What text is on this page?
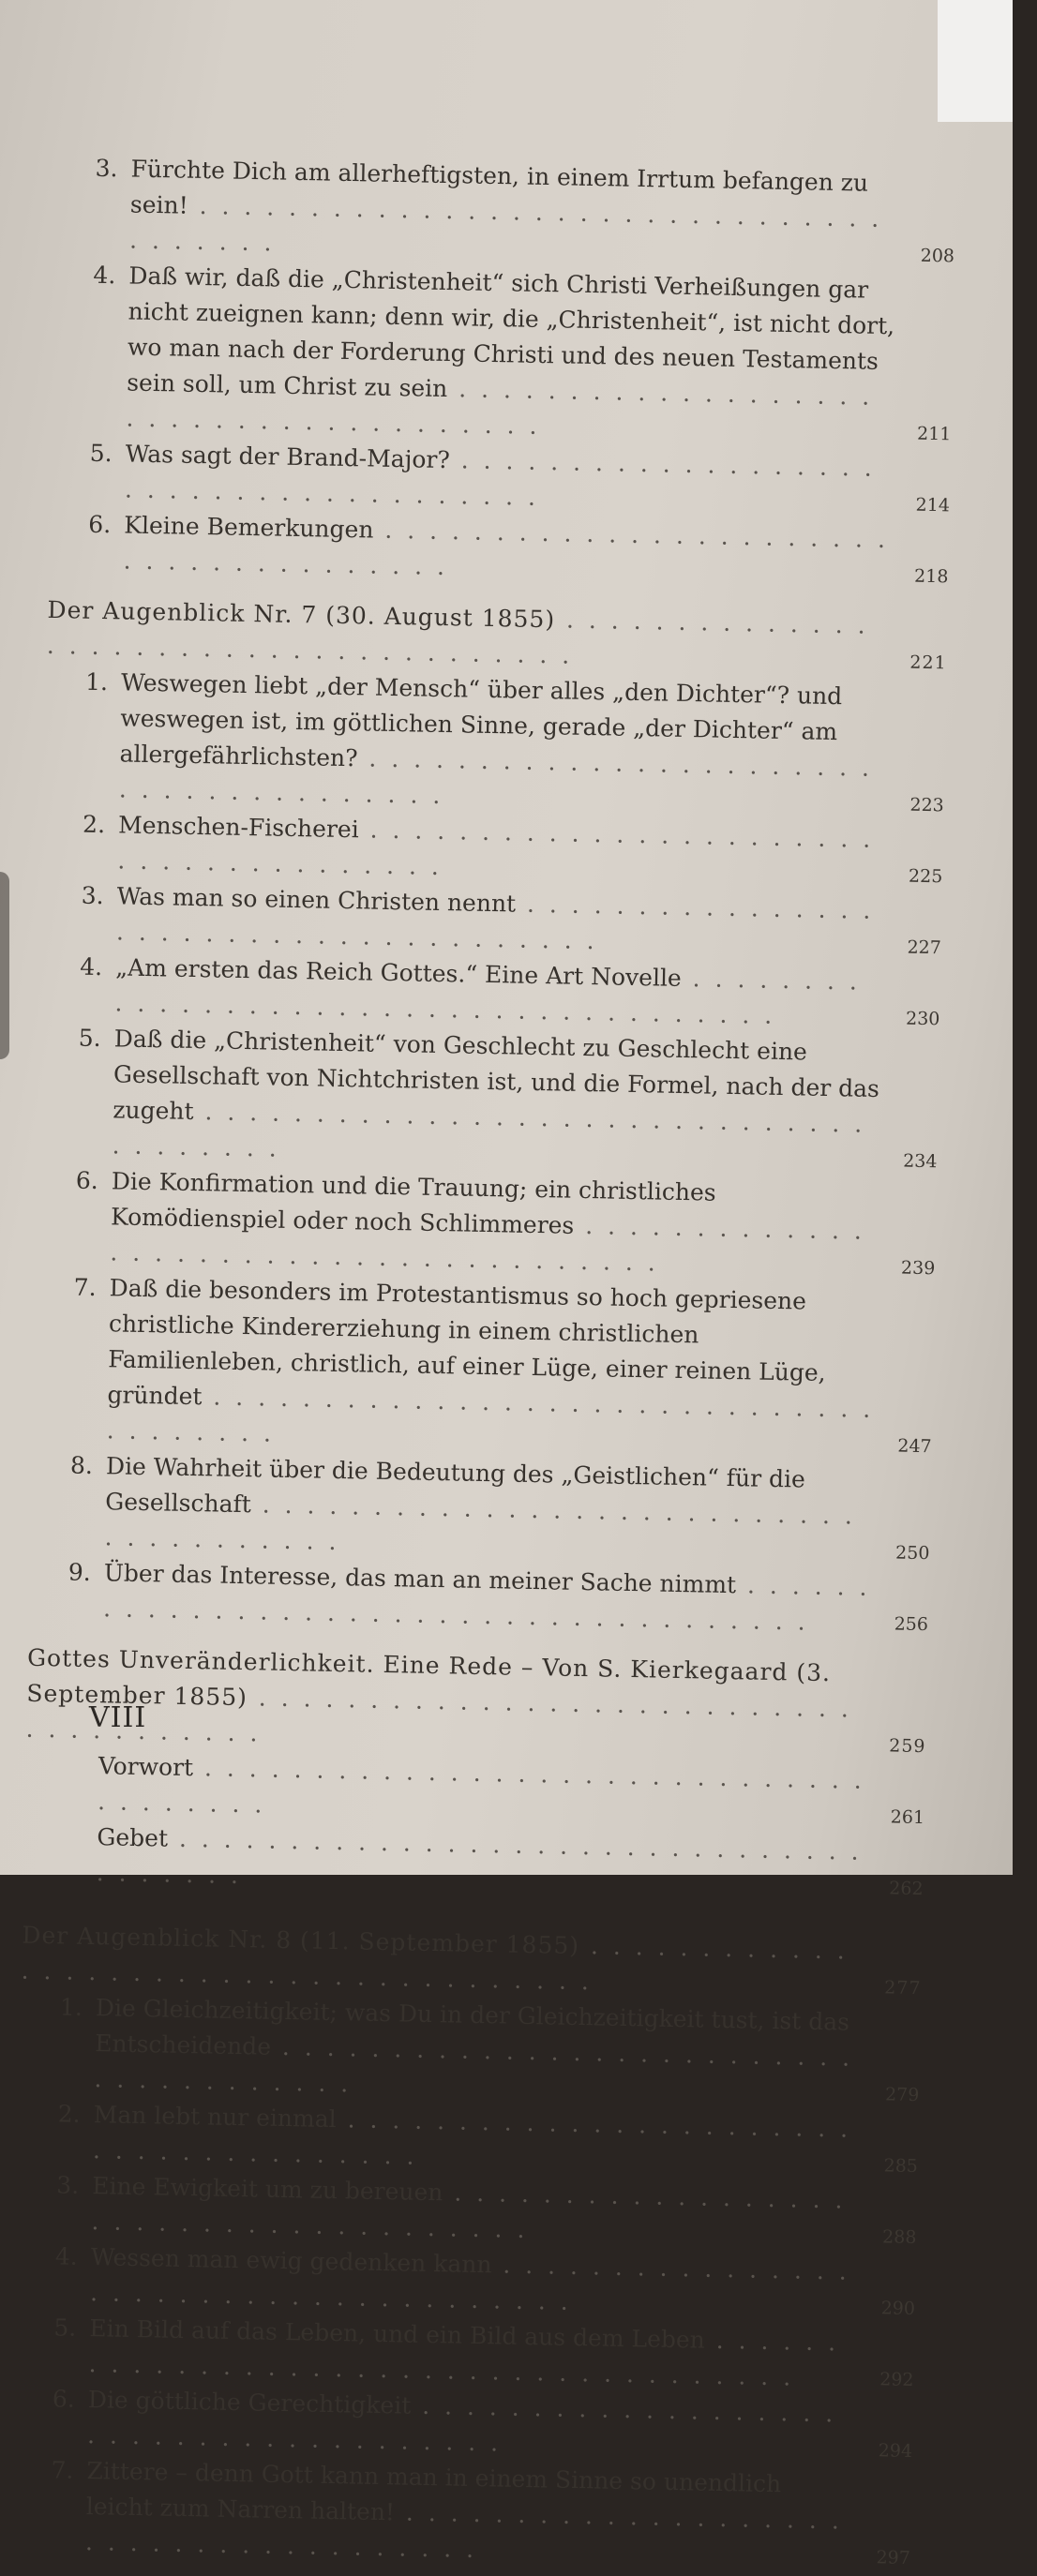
3. Fürchte Dich am allerheftigsten, in einem Irrtum befangen zu sein! . . .
208
4. Daß wir, daß die „Christenheit“ sich Christi Verheißungen gar nicht zueignen kann; denn wir, die „Christenheit“, ist nicht dort, wo man nach der Forderung Christi und des neuen Testaments sein soll, um Christ zu sein . . .
211
5. Was sagt der Brand-Major? . . .
214
6. Kleine Bemerkungen . . .
218
Der Augenblick Nr. 7 (30. August 1855) . . .
221
1. Weswegen liebt „der Mensch“ über alles „den Dichter“? und weswegen ist, im göttlichen Sinne, gerade „der Dichter“ am allergefährlichsten? . . .
223
2. Menschen-Fischerei . . .
225
3. Was man so einen Christen nennt . . .
227
4. „Am ersten das Reich Gottes.“ Eine Art Novelle . . .
230
5. Daß die „Christenheit“ von Geschlecht zu Geschlecht eine Gesellschaft von Nichtchristen ist, und die Formel, nach der das zugeht . . .
234
6. Die Konfirmation und die Trauung; ein christliches Komödienspiel oder noch Schlimmeres . . .
239
7. Daß die besonders im Protestantismus so hoch gepriesene christliche Kindererziehung in einem christlichen Familienleben, christlich, auf einer Lüge, einer reinen Lüge, gründet . . .
247
8. Die Wahrheit über die Bedeutung des „Geistlichen“ für die Gesellschaft . . .
250
9. Über das Interesse, das man an meiner Sache nimmt . . .
256
Gottes Unveränderlichkeit. Eine Rede – Von S. Kierkegaard (3. September 1855) . . .
259
Vorwort . . .
261
Gebet . . .
262
Der Augenblick Nr. 8 (11. September 1855) . . .
277
1. Die Gleichzeitigkeit; was Du in der Gleichzeitigkeit tust, ist das Entscheidende . . .
279
2. Man lebt nur einmal . . .
285
3. Eine Ewigkeit um zu bereuen . . .
288
4. Wessen man ewig gedenken kann . . .
290
5. Ein Bild auf das Leben, und ein Bild aus dem Leben . . .
292
6. Die göttliche Gerechtigkeit . . .
294
7. Zittere – denn Gott kann man in einem Sinne so unendlich leicht zum Narren halten! . . .
297
VIII
